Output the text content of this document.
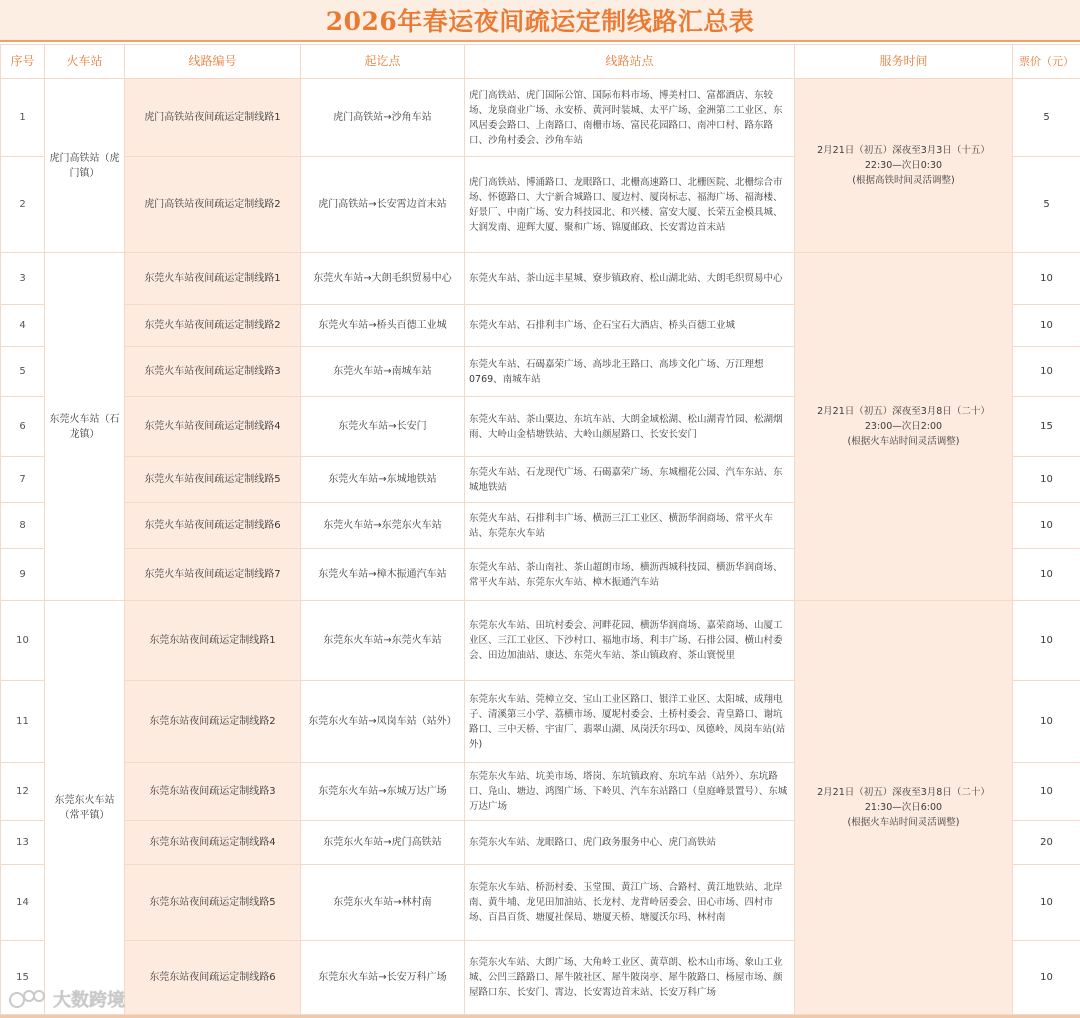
2026年春运夜间疏运定制线路汇总表
序号	火车站	线路编号	起讫点	线路站点	服务时间	票价（元）
1	虎门高铁站（虎门镇）	虎门高铁站夜间疏运定制线路1	虎门高铁站→沙角车站	虎门高铁站、虎门国际公馆、国际布料市场、博美村口、富都酒店、东较场、龙泉商业广场、永安桥、黄河时装城、太平广场、金洲第二工业区、东风居委会路口、上南路口、南栅市场、富民花园路口、南冲口村、路东路口、沙角村委会、沙角车站	2月21日（初五）深夜至3月3日（十五）
22:30—次日0:30
(根据高铁时间灵活调整)	5
2		虎门高铁站夜间疏运定制线路2	虎门高铁站→长安霄边首末站	虎门高铁站、博涌路口、龙眼路口、北栅高速路口、北栅医院、北栅综合市场、怀德路口、大宁新合城路口、厦边村、厦岗标志、福海广场、福海楼、好景厂、中南广场、安力科技园北、和兴楼、富安大厦、长荣五金模具城、大润发南、迎辉大厦、聚和广场、锦厦邮政、长安霄边首末站		5
3	东莞火车站（石龙镇）	东莞火车站夜间疏运定制线路1	东莞火车站→大朗毛织贸易中心	东莞火车站、茶山远丰星城、寮步镇政府、松山湖北站、大朗毛织贸易中心	2月21日（初五）深夜至3月8日（二十）
23:00—次日2:00
(根据火车站时间灵活调整)	10
4		东莞火车站夜间疏运定制线路2	东莞火车站→桥头百德工业城	东莞火车站、石排利丰广场、企石宝石大酒店、桥头百德工业城		10
5		东莞火车站夜间疏运定制线路3	东莞火车站→南城车站	东莞火车站、石碣嘉荣广场、高埗北王路口、高埗文化广场、万江理想0769、南城车站		10
6		东莞火车站夜间疏运定制线路4	东莞火车站→长安门	东莞火车站、茶山粟边、东坑车站、大朗金域松湖、松山湖青竹园、松湖烟雨、大岭山金桔塘铁站、大岭山颜屋路口、长安长安门		15
7		东莞火车站夜间疏运定制线路5	东莞火车站→东城地铁站	东莞火车站、石龙现代广场、石碣嘉荣广场、东城榴花公园、汽车东站、东城地铁站		10
8		东莞火车站夜间疏运定制线路6	东莞火车站→东莞东火车站	东莞火车站、石排利丰广场、横沥三江工业区、横沥华润商场、常平火车站、东莞东火车站		10
9		东莞火车站夜间疏运定制线路7	东莞火车站→樟木振通汽车站	东莞火车站、茶山南社、茶山超朗市场、横沥西城科技园、横沥华润商场、常平火车站、东莞东火车站、樟木振通汽车站		10
10	东莞东火车站（常平镇）	东莞东站夜间疏运定制线路1	东莞东火车站→东莞火车站	东莞东火车站、田坑村委会、河畔花园、横沥华润商场、嘉荣商场、山厦工业区、三江工业区、下沙村口、福地市场、利丰广场、石排公园、横山村委会、田边加油站、康达、东莞火车站、茶山镇政府、茶山寰悦里	2月21日（初五）深夜至3月8日（二十）
21:30—次日6:00
(根据火车站时间灵活调整)	10
11		东莞东站夜间疏运定制线路2	东莞东火车站→凤岗车站（站外）	东莞东火车站、莞樟立交、宝山工业区路口、银洋工业区、太阳城、成翔电子、清溪第三小学、荔横市场、厦坭村委会、土桥村委会、青皇路口、谢坑路口、三中天桥、宇宙厂、翡翠山湖、凤岗沃尔玛①、凤德岭、凤岗车站(站外)		10
12		东莞东站夜间疏运定制线路3	东莞东火车站→东城万达广场	东莞东火车站、坑美市场、塔岗、东坑镇政府、东坑车站（站外）、东坑路口、凫山、塘边、鸿图广场、下岭贝、汽车东站路口（皇庭峰景置号）、东城万达广场		10
13		东莞东站夜间疏运定制线路4	东莞东火车站→虎门高铁站	东莞东火车站、龙眼路口、虎门政务服务中心、虎门高铁站		20
14		东莞东站夜间疏运定制线路5	东莞东火车站→林村南	东莞东火车站、桥沥村委、玉堂围、黄江广场、合路村、黄江地铁站、北岸南、黄牛埔、龙见田加油站、长龙村、龙背岭居委会、田心市场、四村市场、百昌百货、塘厦社保局、塘厦天桥、塘厦沃尔玛、林村南		10
15		东莞东站夜间疏运定制线路6	东莞东火车站→长安万科广场	东莞东火车站、大朗广场、大角岭工业区、黄草朗、松木山市场、象山工业城、公凹三路路口、犀牛陂社区、犀牛陂岗亭、犀牛陂路口、杨屋市场、颜屋路口东、长安门、霄边、长安霄边首末站、长安万科广场		10
大数跨境
